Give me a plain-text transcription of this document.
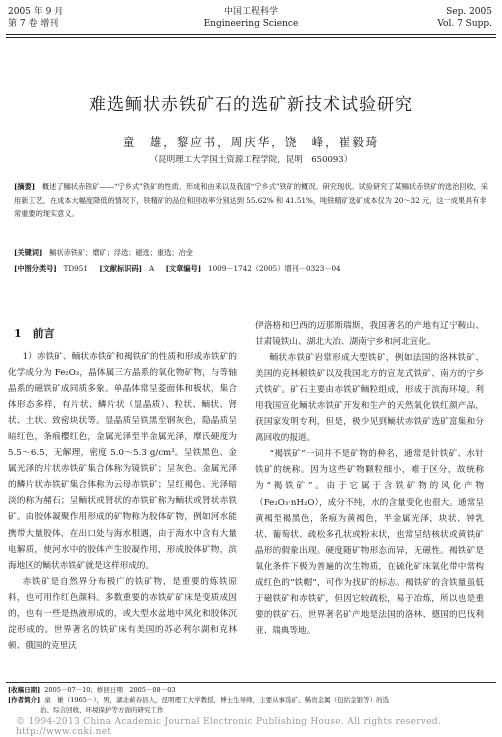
2005 年 9 月
第 7 卷 增刊
中国工程科学
Engineering Science
Sep. 2005
Vol. 7 Supp.
难选鲕状赤铁矿石的选矿新技术试验研究
童　雄，黎应书，周庆华，饶　峰，崔毅琦
（昆明理工大学国土资源工程学院，昆明　650093）
[摘要] 概述了鲕状赤铁矿——“宁乡式”铁矿的性质、形成和由来以及我国“宁乡式”铁矿的概况。研究现状。试验研究了某鲕状赤铁矿的选治回收，采用新工艺，在成本大幅度降低的情况下，铁精矿的品位和回收率分别达到 55.62% 和 41.51%，吨铁精矿选矿成本仅为 20～32 元，这一成果具有非常重要的现实意义。
[关键词] 鲕状赤铁矿；磨矿；浮选；磁选；重选；冶金
[中图分类号] TD951 [文献标识码] A [文章编号] 1009－1742（2005）增刊－0323－04
1　前言

1）赤铁矿、鲕状赤铁矿和褐铁矿的性质和形成赤铁矿的化学成分为 Fe₂O₃，晶体属三方晶系的氧化物矿物，与等轴晶系的磁铁矿成同质多象。单晶体常呈菱面体和板状，集合体形态多样，有片状、鳞片状（显晶质）、粒状、鲕状、肾状、土状、致密块状等。显晶质呈铁黑至钢灰色，隐晶质呈暗红色，条痕樱红色，金属光泽至半金属光泽，摩氏硬度为 5.5～6.5，无解理，密度 5.0～5.3 g/cm³。呈铁黑色、金属光泽的片状赤铁矿集合体称为镜铁矿；呈灰色、金属光泽的鳞片状赤铁矿集合体称为云母赤铁矿；呈红褐色、光泽暗淡的称为赭石；呈鲕状或肾状的赤铁矿称为鲕状或肾状赤铁矿。由胶体凝聚作用形成的矿物称为胶体矿物，例如河水能携带大量胶体，在出口处与海水相遇，由于海水中含有大量电解质，使河水中的胶体产生胶凝作用，形成胶体矿物，滨海地区的鲕状赤铁矿就是这样形成的。

赤铁矿是自然界分布极广的铁矿物，是重要的炼铁原料，也可用作红色颜料。多数重要的赤铁矿矿床是变质成因的，也有一些是热液形成的，或大型水盆地中风化和胶体沉淀形成的。世界著名的铁矿床有美国的苏必利尔湖和克林顿、俄国的克里沃

伊洛格和巴西的迈那斯瑞斯，我国著名的产地有辽宁鞍山、甘肃镜铁山、湖北大冶、湖南宁乡和河北宣化。

鲕状赤铁矿岩常形成大型铁矿，例如法国的洛林铁矿、美国的克林顿铁矿以及我国北方的宣龙式铁矿、南方的宁乡式铁矿。矿石主要由赤铁矿鲕粒组成，形成于滨海环境。利用我国宣化鲕状赤铁矿开发和生产的天然氧化铁红颜产品，获国家发明专利，但是，极少见到鲕状赤铁矿选矿富集和分离回收的报道。

“褐铁矿”一词并不是矿物的种名，通常是针铁矿、水针铁矿的统称。因为这些矿物颗粒细小，难于区分，故统称为“褐铁矿”。由于它属于含铁矿物的风化产物（Fe₂O₃·nH₂O），成分不纯，水的含量变化也很大。通常呈黄褐至褐黑色，条痕为黄褐色，半金属光泽，块状、钟乳状、葡萄状、疏松多孔状或粉末状，也常呈结核状或黄铁矿晶形的假象出现。硬度随矿物形态而异，无磁性。褐铁矿是氧化条件下极为普遍的次生物质，在硫化矿床氧化带中常构成红色的“铁帽”，可作为找矿的标志。褐铁矿的含铁量虽低于磁铁矿和赤铁矿，但因它较疏松，易于冶炼，所以也是重要的铁矿石。世界著名矿产地是法国的洛林、德国的巴伐利亚、瑞典等地。

[收稿日期] 2005－07－10；修回日期　2005－08－03
[作者简介] 童　雄（1965－），男，湖北蕲春县人，昆明理工大学教授，博士生导师，主要从事选矿、稀贵金属（包括金银等）的选
治、综合回收、环境保护等方面的研究工作
© 1994-2013 China Academic Journal Electronic Publishing House. All rights reserved.　http://www.cnki.net
